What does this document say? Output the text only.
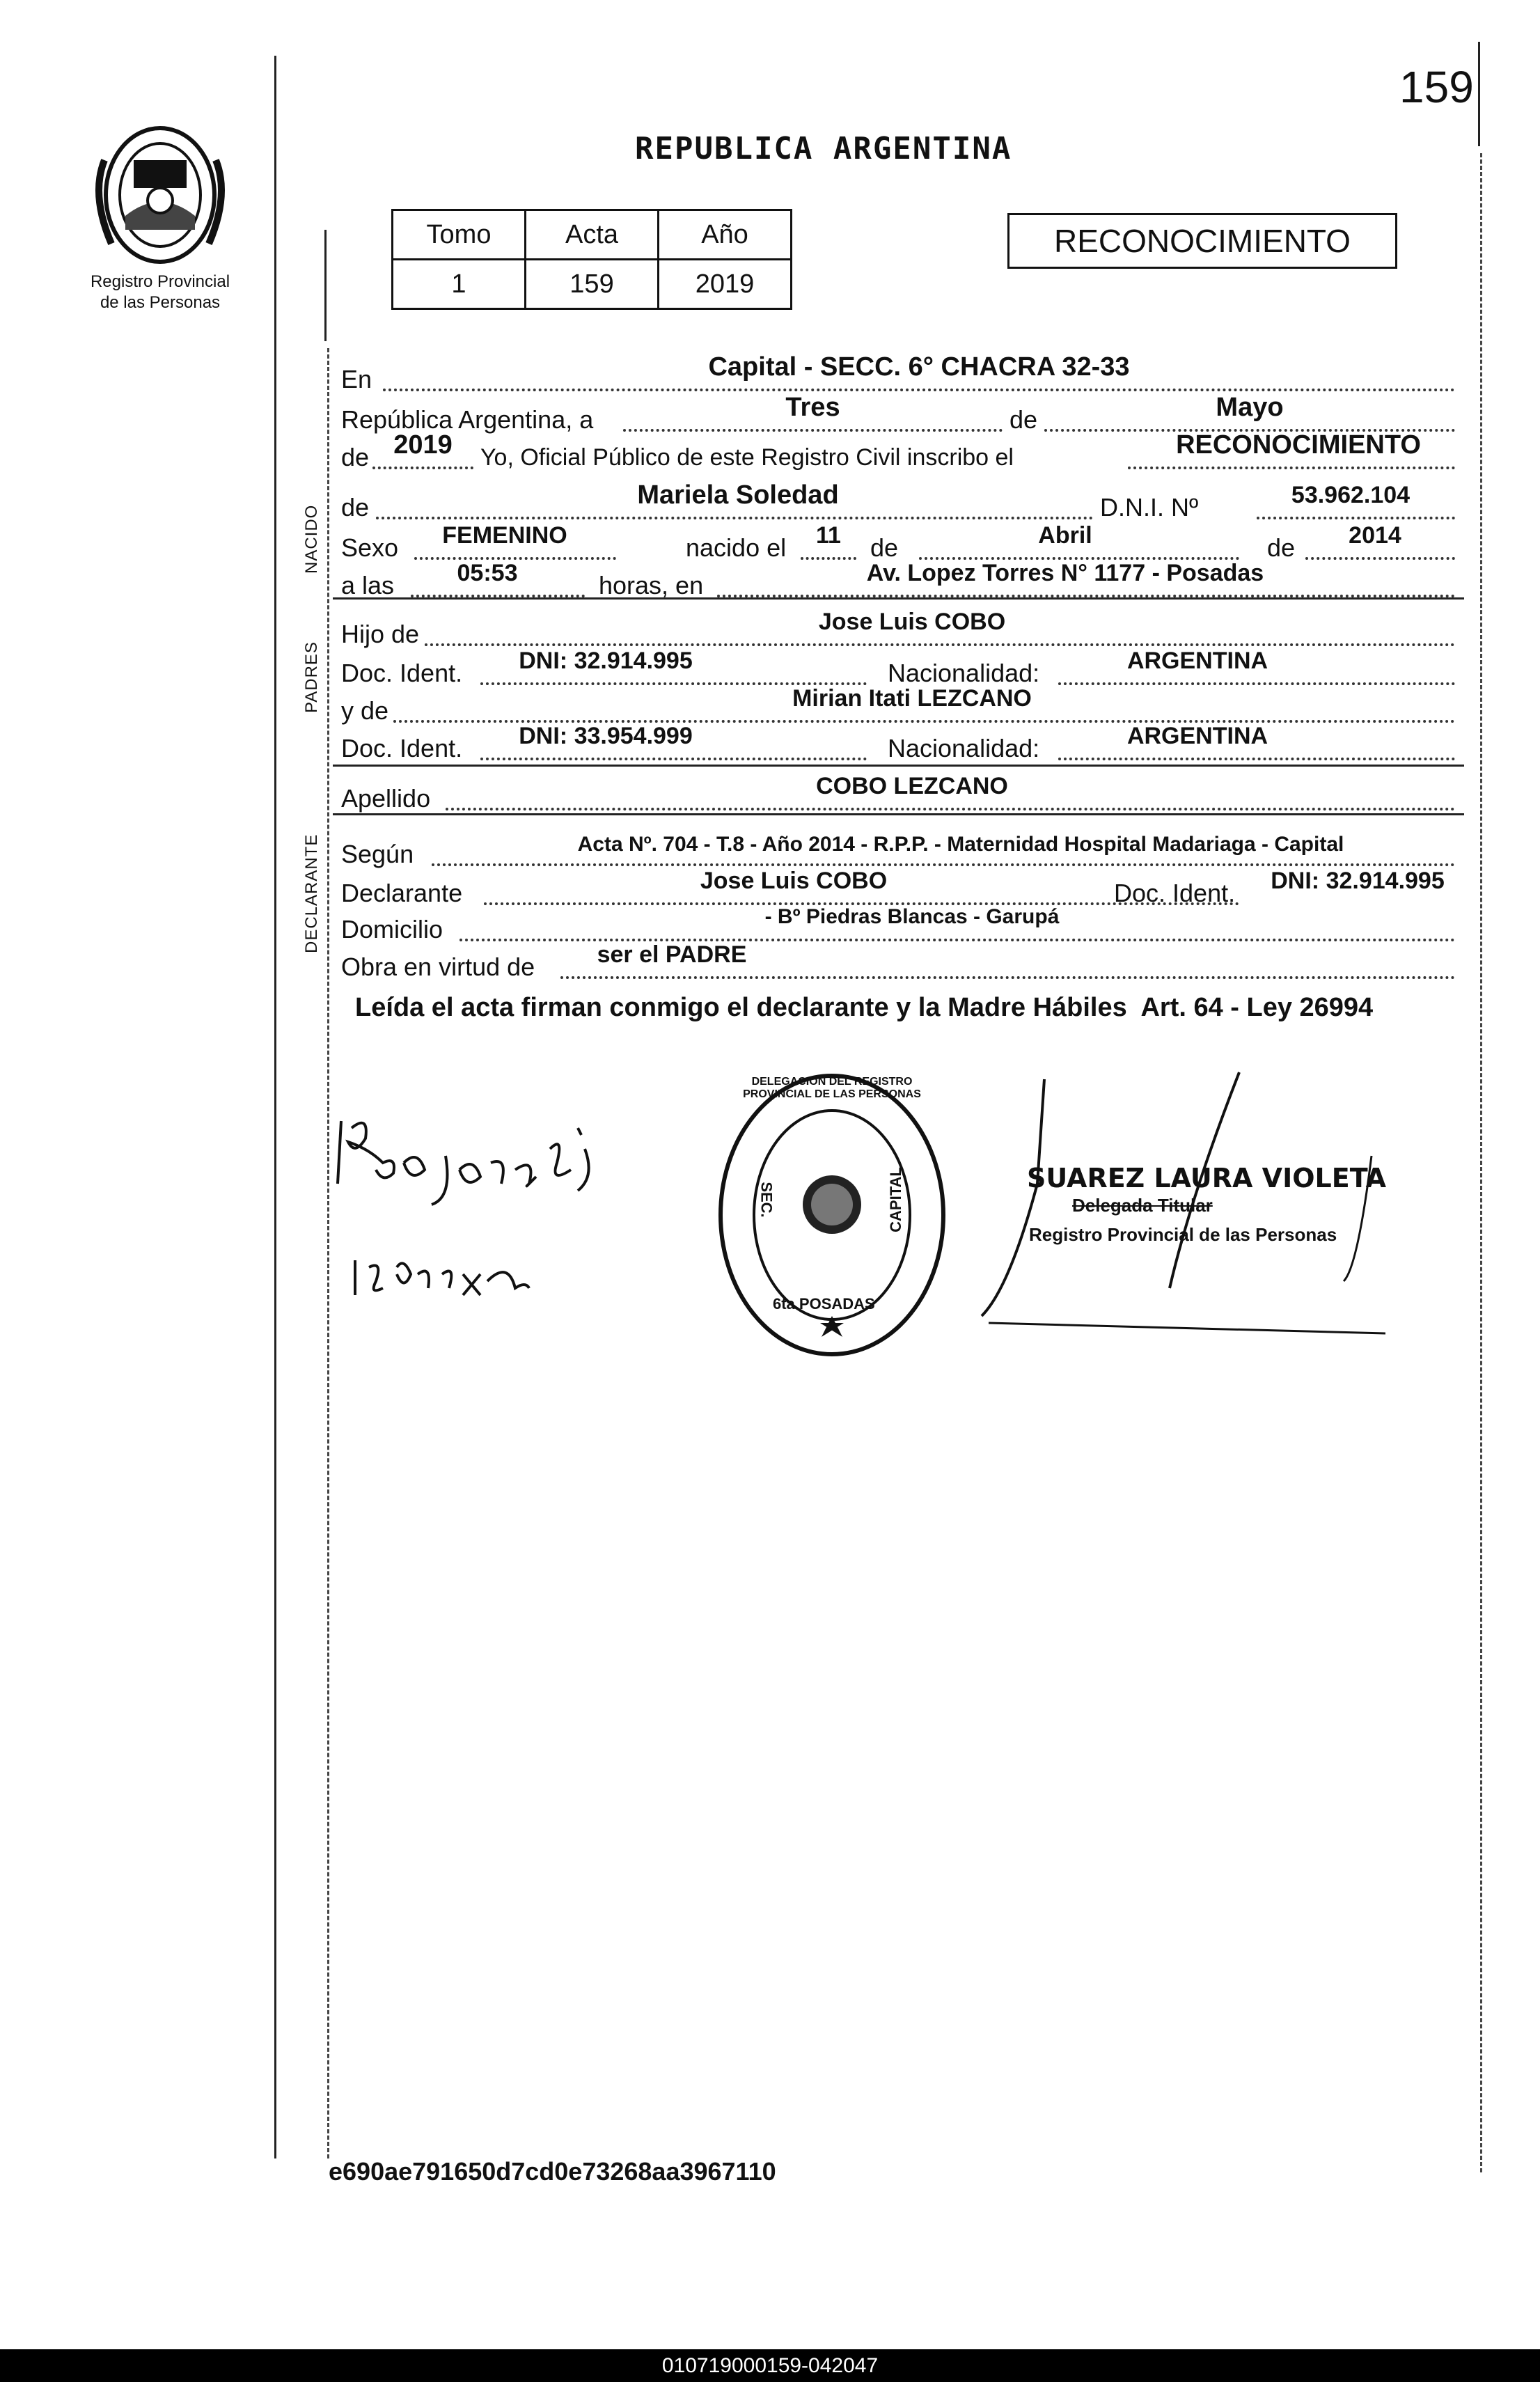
159
Registro Provincial
de las Personas
REPUBLICA ARGENTINA
Tomo	Acta	Año
1	159	2019
RECONOCIMIENTO
NACIDO
PADRES
DECLARANTE
En	Capital - SECC. 6° CHACRA 32-33
República Argentina, a	Tres	de	Mayo
de 2019	Yo, Oficial Público de este Registro Civil inscribo el	RECONOCIMIENTO
de	Mariela Soledad	D.N.I. Nº	53.962.104
Sexo	FEMENINO	nacido el	11	de	Abril	de	2014
a las	05:53	horas, en	Av. Lopez Torres N° 1177 - Posadas
Hijo de	Jose Luis COBO
Doc. Ident.	DNI: 32.914.995	Nacionalidad:	ARGENTINA
y de	Mirian Itati LEZCANO
Doc. Ident.	DNI: 33.954.999	Nacionalidad:	ARGENTINA
Apellido	COBO LEZCANO
Según	Acta Nº. 704 - T.8 - Año 2014 - R.P.P. - Maternidad Hospital Madariaga - Capital
Declarante	Jose Luis COBO	Doc. Ident.	DNI: 32.914.995
Domicilio	- Bº Piedras Blancas - Garupá
Obra en virtud de	ser el PADRE
Leída el acta firman conmigo el declarante y la Madre Hábiles  Art. 64 - Ley 26994
DELEGACION DEL REGISTRO PROVINCIAL DE LAS PERSONAS
SEC.	CAPITAL
6ta POSADAS
SUAREZ LAURA VIOLETA
Delegada Titular
Registro Provincial de las Personas
e690ae791650d7cd0e73268aa3967110
010719000159-042047
